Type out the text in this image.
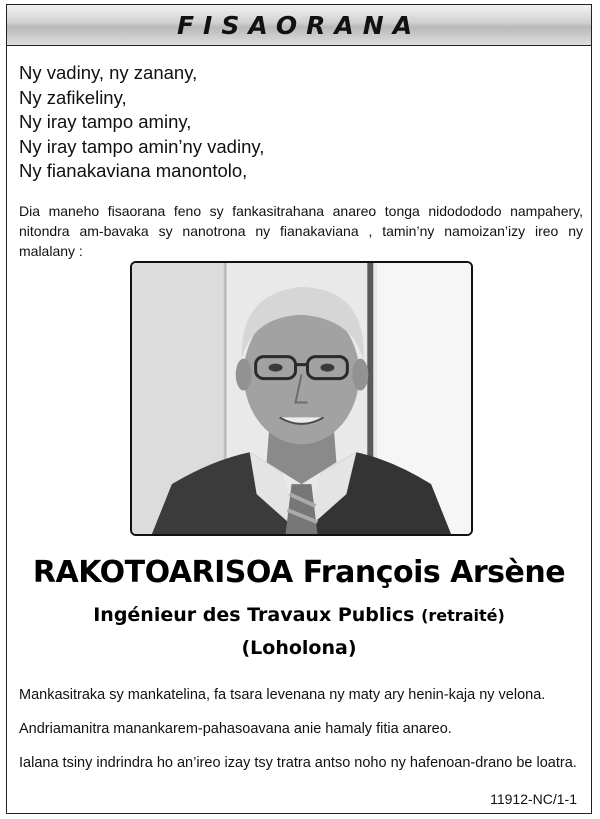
FISAORANA
Ny vadiny, ny zanany,
Ny zafikeliny,
Ny iray tampo aminy,
Ny iray tampo amin’ny vadiny,
Ny fianakaviana manontolo,

Dia maneho fisaorana feno sy fankasitrahana anareo tonga nidodododo nampahery, nitondra am-bavaka sy nanotrona ny fianakaviana , tamin’ny namoizan’izy ireo ny malalany :

RAKOTOARISOA François Arsène
Ingénieur des Travaux Publics (retraité)
(Loholona)

Mankasitraka sy mankatelina, fa tsara levenana ny maty ary henin-kaja ny velona.

Andriamanitra manankarem-pahasoavana anie hamaly fitia anareo.

Ialana tsiny indrindra ho an’ireo izay tsy tratra antso noho ny hafenoan-drano be loatra.

11912-NC/1-1
